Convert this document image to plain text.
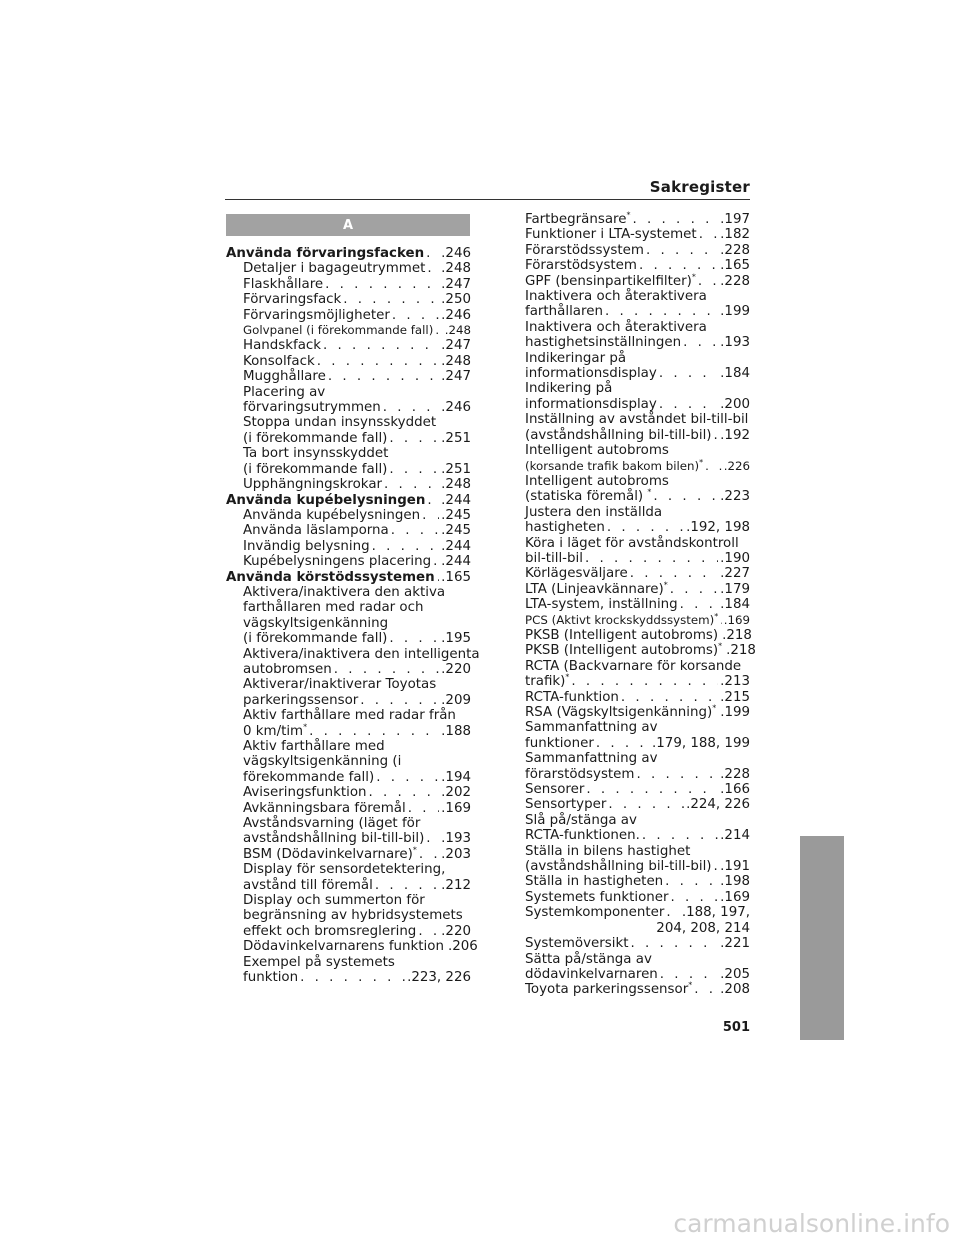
Sakregister
A
Använda förvaringsfacken . . . .246
Detaljer i bagageutrymmet . . . .248
Flaskhållare . . .	.247
Förvaringsfack . . .	.250
Förvaringsmöjligheter . . .	.246
Golvpanel (i förekommande fall) . . . .248
Handskfack . . .	.247
Konsolfack . . .	.248
Mugghållare . . .	.247
Placering av
förvaringsutrymmen . . .	.246
Stoppa undan insynsskyddet
(i förekommande fall) . . .	.251
Ta bort insynsskyddet
(i förekommande fall) . . .	.251
Upphängningskrokar . . .	.248
Använda kupébelysningen . . . .244
Använda kupébelysningen . . . .245
Använda läslamporna . . .	.245
Invändig belysning . . .	.244
Kupébelysningens placering . . . .244
Använda körstödssystemen . . . .165
Aktivera/inaktivera den aktiva
farthållaren med radar och
vägskyltsigenkänning
(i förekommande fall) . . .	.195
Aktivera/inaktivera den intelligenta
autobromsen . . .	.220
Aktiverar/inaktiverar Toyotas
parkeringssensor . . .	.209
Aktiv farthållare med radar från
0 km/tim* . . .	.188
Aktiv farthållare med
vägskyltsigenkänning (i
förekommande fall) . . .	.194
Aviseringsfunktion . . .	.202
Avkänningsbara föremål . . .	.169
Avståndsvarning (läget för
avståndshållning bil-till-bil) . . . .193
BSM (Dödavinkelvarnare)* . . . .203
Display för sensordetektering,
avstånd till föremål . . .	.212
Display och summerton för
begränsning av hybridsystemets
effekt och bromsreglering . . . .220
Dödavinkelvarnarens funktion .206
Exempel på systemets
funktion . . .	.223, 226
Fartbegränsare* . . .	.197
Funktioner i LTA-systemet . . . .182
Förarstödssystem . . .	.228
Förarstödsystem . . .	.165
GPF (bensinpartikelfilter)* . . . .228
Inaktivera och återaktivera
farthållaren . . .	.199
Inaktivera och återaktivera
hastighetsinställningen . . .	.193
Indikeringar på
informationsdisplay . . .	.184
Indikering på
informationsdisplay . . .	.200
Inställning av avståndet bil-till-bil
(avståndshållning bil-till-bil) . . . .192
Intelligent autobroms
(korsande trafik bakom bilen)* . . . .226
Intelligent autobroms
(statiska föremål) * . . .	.223
Justera den inställda
hastigheten . . .	.192, 198
Köra i läget för avståndskontroll
bil-till-bil . . .	.190
Körlägesväljare . . .	.227
LTA (Linjeavkännare)* . . .	.179
LTA-system, inställning . . .	.184
PCS (Aktivt krockskyddssystem)* . . . .169
PKSB (Intelligent autobroms) .218
PKSB (Intelligent autobroms)* .218
RCTA (Backvarnare för korsande
trafik)* . . .	.213
RCTA-funktion . . .	.215
RSA (Vägskyltsigenkänning)* .199
Sammanfattning av
funktioner . . .	.179, 188, 199
Sammanfattning av
förarstödsystem . . .	.228
Sensorer . . .	.166
Sensortyper . . .	.224, 226
Slå på/stänga av
RCTA-funktionen. . . .	.214
Ställa in bilens hastighet
(avståndshållning bil-till-bil) . . . .191
Ställa in hastigheten . . .	.198
Systemets funktioner . . .	.169
Systemkomponenter . . . .188, 197,
204, 208, 214
Systemöversikt . . .	.221
Sätta på/stänga av
dödavinkelvarnaren . . .	.205
Toyota parkeringssensor* . . . .208
501
carmanualsonline.info
